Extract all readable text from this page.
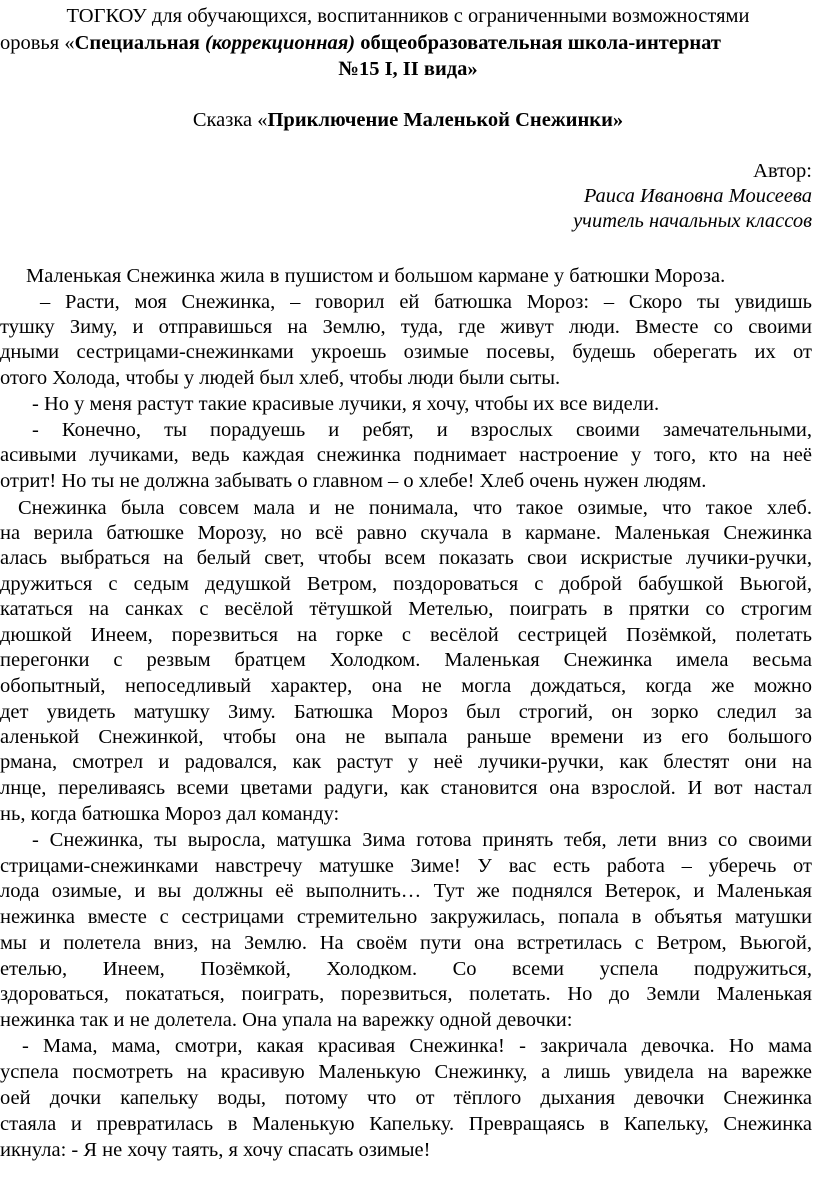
ТОГКОУ для обучающихся, воспитанников с ограниченными возможностями
оровья «Специальная (коррекционная) общеобразовательная школа-интернат
№15 I, II вида»
Сказка «Приключение Маленькой Снежинки»
Автор:
Раиса Ивановна Моисеева
учитель начальных классов
Маленькая Снежинка жила в пушистом и большом кармане у батюшки Мороза.
– Расти, моя Снежинка, – говорил ей батюшка Мороз: – Скоро ты увидишь
тушку Зиму, и отправишься на Землю, туда, где живут люди. Вместе со своими
дными сестрицами-снежинками укроешь озимые посевы, будешь оберегать их от
отого Холода, чтобы у людей был хлеб, чтобы люди были сыты.
- Но у меня растут такие красивые лучики, я хочу, чтобы их все видели.
- Конечно, ты порадуешь и ребят, и взрослых своими замечательными,
асивыми лучиками, ведь каждая снежинка поднимает настроение у того, кто на неё
отрит! Но ты не должна забывать о главном – о хлебе! Хлеб очень нужен людям.
Снежинка была совсем мала и не понимала, что такое озимые, что такое хлеб.
на верила батюшке Морозу, но всё равно скучала в кармане. Маленькая Снежинка
алась выбраться на белый свет, чтобы всем показать свои искристые лучики-ручки,
дружиться с седым дедушкой Ветром, поздороваться с доброй бабушкой Вьюгой,
кататься на санках с весёлой тётушкой Метелью, поиграть в прятки со строгим
дюшкой Инеем, порезвиться на горке с весёлой сестрицей Позёмкой, полетать
перегонки с резвым братцем Холодком. Маленькая Снежинка имела весьма
обопытный, непоседливый характер, она не могла дождаться, когда же можно
дет увидеть матушку Зиму. Батюшка Мороз был строгий, он зорко следил за
аленькой Снежинкой, чтобы она не выпала раньше времени из его большого
рмана, смотрел и радовался, как растут у неё лучики-ручки, как блестят они на
лнце, переливаясь всеми цветами радуги, как становится она взрослой. И вот настал
нь, когда батюшка Мороз дал команду:
- Снежинка, ты выросла, матушка Зима готова принять тебя, лети вниз со своими
стрицами-снежинками навстречу матушке Зиме! У вас есть работа – уберечь от
лода озимые, и вы должны её выполнить… Тут же поднялся Ветерок, и Маленькая
нежинка вместе с сестрицами стремительно закружилась, попала в объятья матушки
мы и полетела вниз, на Землю. На своём пути она встретилась с Ветром, Вьюгой,
етелью, Инеем, Позёмкой, Холодком. Со всеми успела подружиться,
здороваться, покататься, поиграть, порезвиться, полетать. Но до Земли Маленькая
нежинка так и не долетела. Она упала на варежку одной девочки:
- Мама, мама, смотри, какая красивая Снежинка! - закричала девочка. Но мама
успела посмотреть на красивую Маленькую Снежинку, а лишь увидела на варежке
оей дочки капельку воды, потому что от тёплого дыхания девочки Снежинка
стаяла и превратилась в Маленькую Капельку. Превращаясь в Капельку, Снежинка
икнула: - Я не хочу таять, я хочу спасать озимые!
